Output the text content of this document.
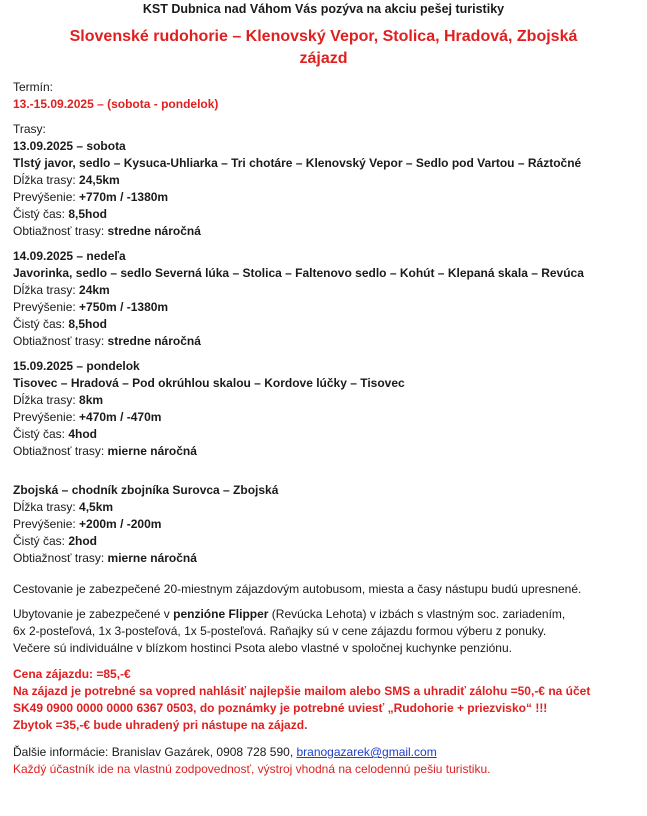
KST Dubnica nad Váhom Vás pozýva na akciu pešej turistiky
Slovenské rudohorie – Klenovský Vepor, Stolica, Hradová, Zbojská
zájazd
Termín:
13.-15.09.2025 – (sobota - pondelok)
Trasy:
13.09.2025 – sobota
Tlstý javor, sedlo – Kysuca-Uhliarka – Tri chotáre – Klenovský Vepor – Sedlo pod Vartou – Ráztočné
Dĺžka trasy: 24,5km
Prevýšenie: +770m / -1380m
Čistý čas: 8,5hod
Obtiažnosť trasy: stredne náročná
14.09.2025 – nedeľa
Javorinka, sedlo – sedlo Severná lúka – Stolica – Faltenovo sedlo – Kohút – Klepaná skala – Revúca
Dĺžka trasy: 24km
Prevýšenie: +750m / -1380m
Čistý čas: 8,5hod
Obtiažnosť trasy: stredne náročná
15.09.2025 – pondelok
Tisovec – Hradová – Pod okrúhlou skalou – Kordove lúčky – Tisovec
Dĺžka trasy: 8km
Prevýšenie: +470m / -470m
Čistý čas: 4hod
Obtiažnosť trasy: mierne náročná
Zbojská – chodník zbojníka Surovca – Zbojská
Dĺžka trasy: 4,5km
Prevýšenie: +200m / -200m
Čistý čas: 2hod
Obtiažnosť trasy: mierne náročná
Cestovanie je zabezpečené 20-miestnym zájazdovým autobusom, miesta a časy nástupu budú upresnené.
Ubytovanie je zabezpečené v penzióne Flipper (Revúcka Lehota) v izbách s vlastným soc. zariadením,
6x 2-posteľová, 1x 3-posteľová, 1x 5-posteľová. Raňajky sú v cene zájazdu formou výberu z ponuky.
Večere sú individuálne v blízkom hostinci Psota alebo vlastné v spoločnej kuchynke penziónu.
Cena zájazdu: =85,-€
Na zájazd je potrebné sa vopred nahlásiť najlepšie mailom alebo SMS a uhradiť zálohu =50,-€ na účet
SK49 0900 0000 0000 6367 0503, do poznámky je potrebné uviesť „Rudohorie + priezvisko“ !!!
Zbytok =35,-€ bude uhradený pri nástupe na zájazd.
Ďalšie informácie: Branislav Gazárek, 0908 728 590, branogazarek@gmail.com
Každý účastník ide na vlastnú zodpovednosť, výstroj vhodná na celodennú pešiu turistiku.
